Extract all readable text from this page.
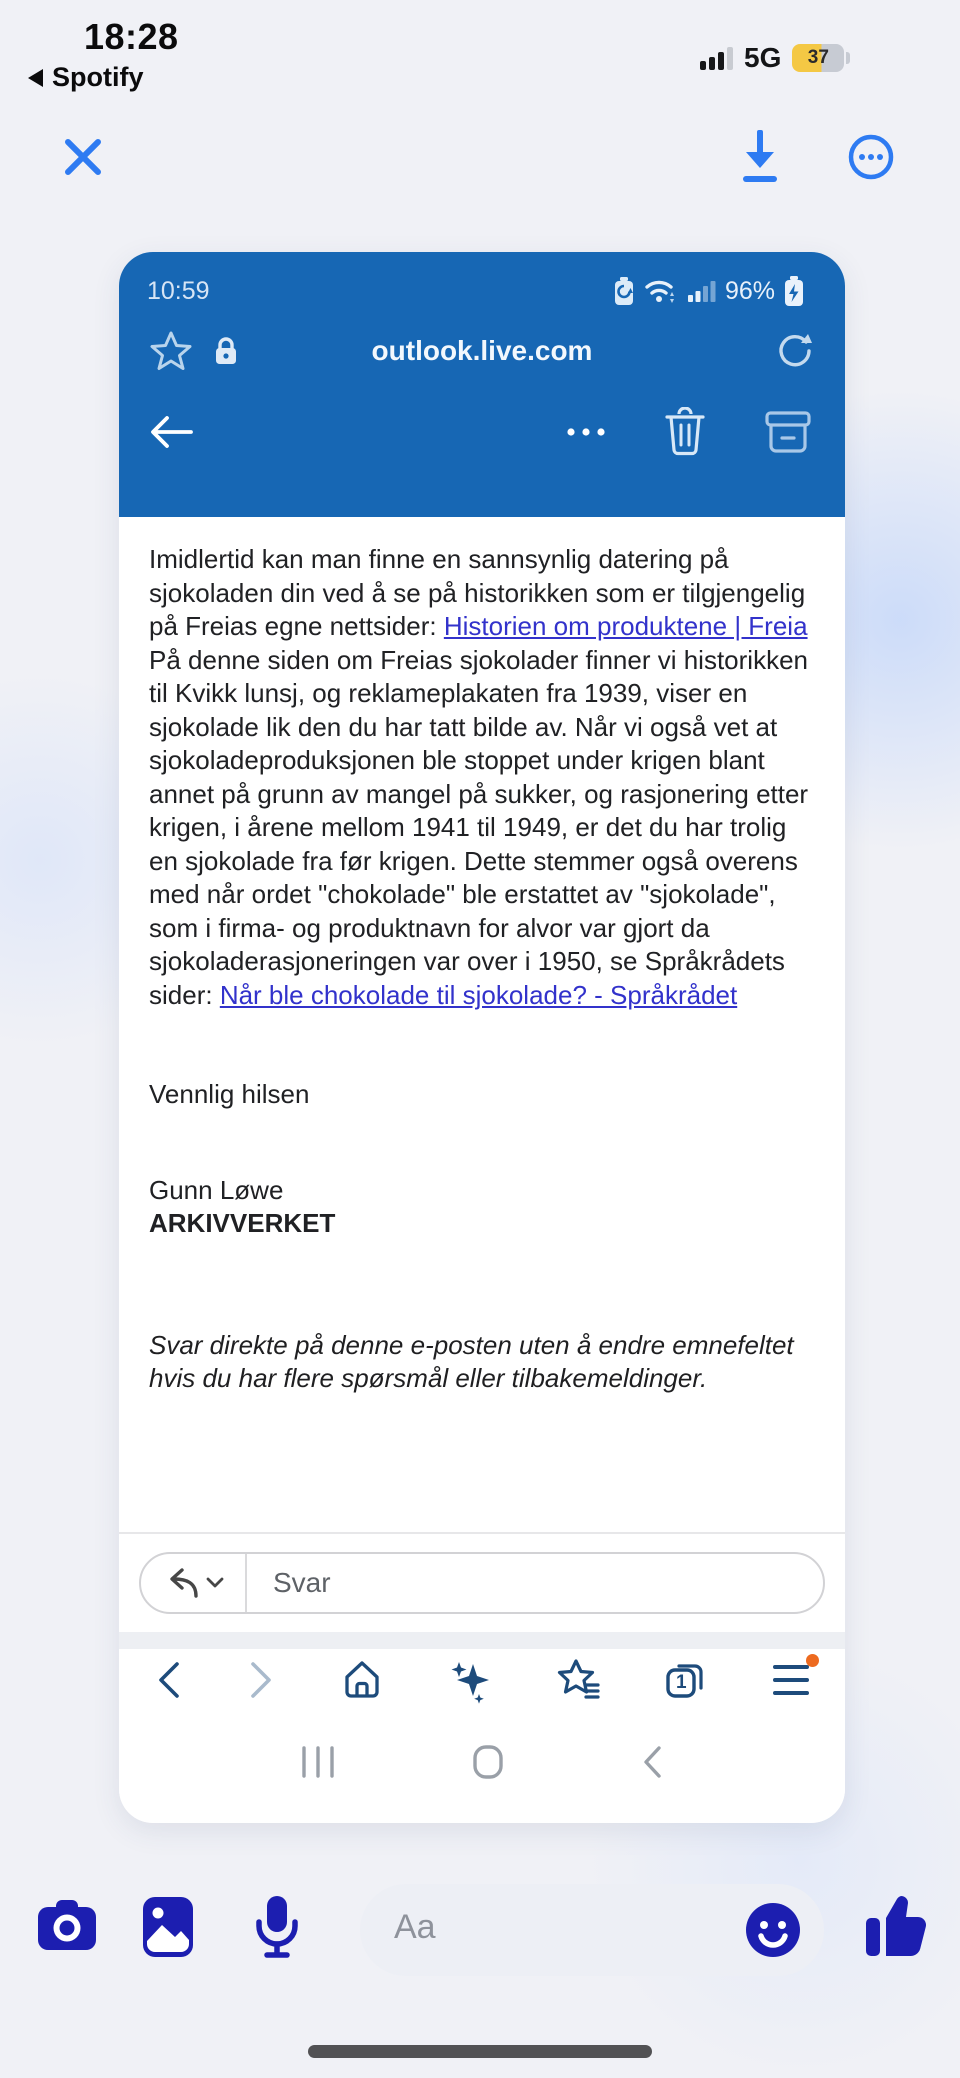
18:28
Spotify
5G 37
10:59	96%
outlook.live.com

Imidlertid kan man finne en sannsynlig datering på sjokoladen din ved å se på historikken som er tilgjengelig på Freias egne nettsider: Historien om produktene | Freia

På denne siden om Freias sjokolader finner vi historikken til Kvikk lunsj, og reklameplakaten fra 1939, viser en sjokolade lik den du har tatt bilde av. Når vi også vet at sjokoladeproduksjonen ble stoppet under krigen blant annet på grunn av mangel på sukker, og rasjonering etter krigen, i årene mellom 1941 til 1949, er det du har trolig en sjokolade fra før krigen. Dette stemmer også overens med når ordet "chokolade" ble erstattet av "sjokolade", som i firma- og produktnavn for alvor var gjort da sjokoladerasjoneringen var over i 1950, se Språkrådets sider: Når ble chokolade til sjokolade? - Språkrådet

Vennlig hilsen

Gunn Løwe

ARKIVVERKET

Svar direkte på denne e-posten uten å endre emnefeltet hvis du har flere spørsmål eller tilbakemeldinger.

Svar
1
Aa
